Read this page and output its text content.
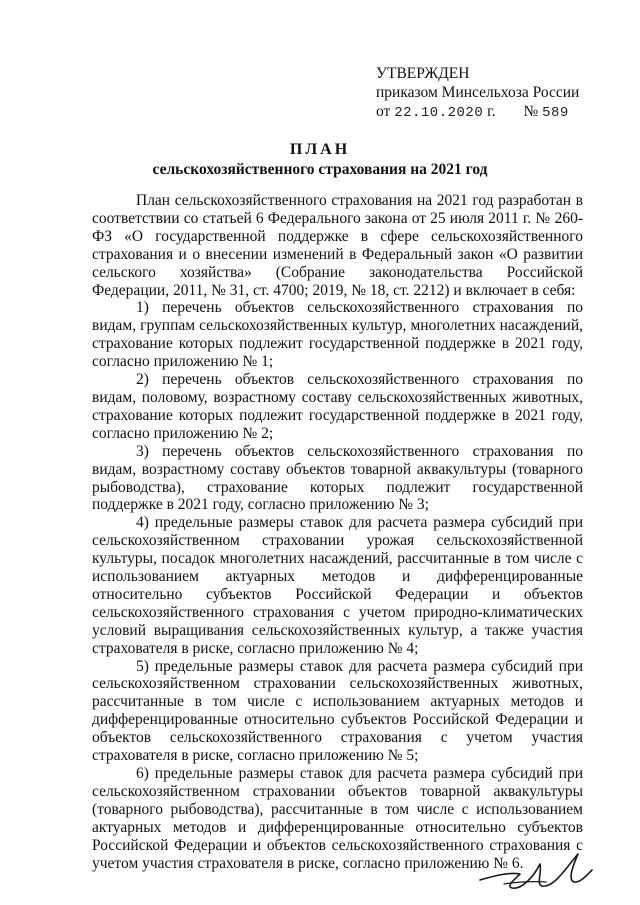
УТВЕРЖДЕН
приказом Минсельхоза России
от 22.10.2020 г. № 589
ПЛАН
сельскохозяйственного страхования на 2021 год

План сельскохозяйственного страхования на 2021 год разработан в соответствии со статьей 6 Федерального закона от 25 июля 2011 г. № 260-ФЗ «О государственной поддержке в сфере сельскохозяйственного страхования и о внесении изменений в Федеральный закон «О развитии сельского хозяйства» (Собрание законодательства Российской Федерации, 2011, № 31, ст. 4700; 2019, № 18, ст. 2212) и включает в себя:

1) перечень объектов сельскохозяйственного страхования по видам, группам сельскохозяйственных культур, многолетних насаждений, страхование которых подлежит государственной поддержке в 2021 году, согласно приложению № 1;

2) перечень объектов сельскохозяйственного страхования по видам, половому, возрастному составу сельскохозяйственных животных, страхование которых подлежит государственной поддержке в 2021 году, согласно приложению № 2;

3) перечень объектов сельскохозяйственного страхования по видам, возрастному составу объектов товарной аквакультуры (товарного рыбоводства), страхование которых подлежит государственной поддержке в 2021 году, согласно приложению № 3;

4) предельные размеры ставок для расчета размера субсидий при сельскохозяйственном страховании урожая сельскохозяйственной культуры, посадок многолетних насаждений, рассчитанные в том числе с использованием актуарных методов и дифференцированные относительно субъектов Российской Федерации и объектов сельскохозяйственного страхования с учетом природно-климатических условий выращивания сельскохозяйственных культур, а также участия страхователя в риске, согласно приложению № 4;

5) предельные размеры ставок для расчета размера субсидий при сельскохозяйственном страховании сельскохозяйственных животных, рассчитанные в том числе с использованием актуарных методов и дифференцированные относительно субъектов Российской Федерации и объектов сельскохозяйственного страхования с учетом участия страхователя в риске, согласно приложению № 5;

6) предельные размеры ставок для расчета размера субсидий при сельскохозяйственном страховании объектов товарной аквакультуры (товарного рыбоводства), рассчитанные в том числе с использованием актуарных методов и дифференцированные относительно субъектов Российской Федерации и объектов сельскохозяйственного страхования с учетом участия страхователя в риске, согласно приложению № 6.
